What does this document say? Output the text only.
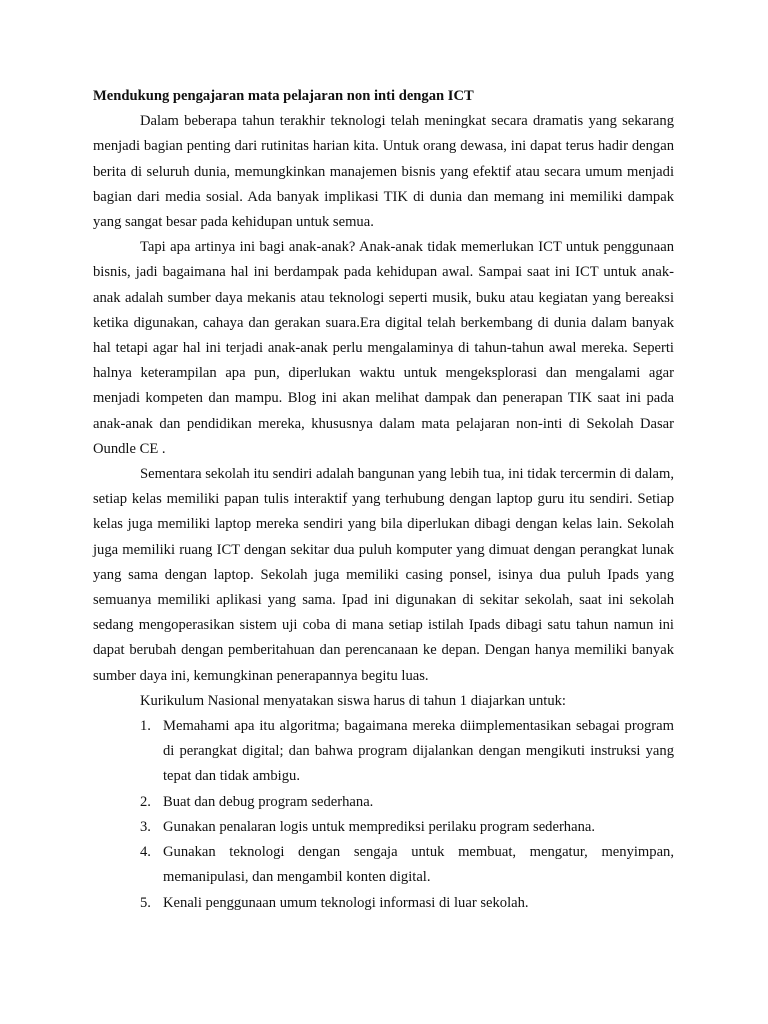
Mendukung pengajaran mata pelajaran non inti dengan ICT

Dalam beberapa tahun terakhir teknologi telah meningkat secara dramatis yang sekarang menjadi bagian penting dari rutinitas harian kita. Untuk orang dewasa, ini dapat terus hadir dengan berita di seluruh dunia, memungkinkan manajemen bisnis yang efektif atau secara umum menjadi bagian dari media sosial. Ada banyak implikasi TIK di dunia dan memang ini memiliki dampak yang sangat besar pada kehidupan untuk semua.

Tapi apa artinya ini bagi anak-anak? Anak-anak tidak memerlukan ICT untuk penggunaan bisnis, jadi bagaimana hal ini berdampak pada kehidupan awal. Sampai saat ini ICT untuk anak-anak adalah sumber daya mekanis atau teknologi seperti musik, buku atau kegiatan yang bereaksi ketika digunakan, cahaya dan gerakan suara.Era digital telah berkembang di dunia dalam banyak hal tetapi agar hal ini terjadi anak-anak perlu mengalaminya di tahun-tahun awal mereka. Seperti halnya keterampilan apa pun, diperlukan waktu untuk mengeksplorasi dan mengalami agar menjadi kompeten dan mampu. Blog ini akan melihat dampak dan penerapan TIK saat ini pada anak-anak dan pendidikan mereka, khususnya dalam mata pelajaran non-inti di Sekolah Dasar Oundle CE .

Sementara sekolah itu sendiri adalah bangunan yang lebih tua, ini tidak tercermin di dalam, setiap kelas memiliki papan tulis interaktif yang terhubung dengan laptop guru itu sendiri. Setiap kelas juga memiliki laptop mereka sendiri yang bila diperlukan dibagi dengan kelas lain. Sekolah juga memiliki ruang ICT dengan sekitar dua puluh komputer yang dimuat dengan perangkat lunak yang sama dengan laptop. Sekolah juga memiliki casing ponsel, isinya dua puluh Ipads yang semuanya memiliki aplikasi yang sama. Ipad ini digunakan di sekitar sekolah, saat ini sekolah sedang mengoperasikan sistem uji coba di mana setiap istilah Ipads dibagi satu tahun namun ini dapat berubah dengan pemberitahuan dan perencanaan ke depan. Dengan hanya memiliki banyak sumber daya ini, kemungkinan penerapannya begitu luas.

Kurikulum Nasional menyatakan siswa harus di tahun 1 diajarkan untuk:

1. Memahami apa itu algoritma; bagaimana mereka diimplementasikan sebagai program di perangkat digital; dan bahwa program dijalankan dengan mengikuti instruksi yang tepat dan tidak ambigu.
2. Buat dan debug program sederhana.
3. Gunakan penalaran logis untuk memprediksi perilaku program sederhana.
4. Gunakan teknologi dengan sengaja untuk membuat, mengatur, menyimpan, memanipulasi, dan mengambil konten digital.
5. Kenali penggunaan umum teknologi informasi di luar sekolah.
